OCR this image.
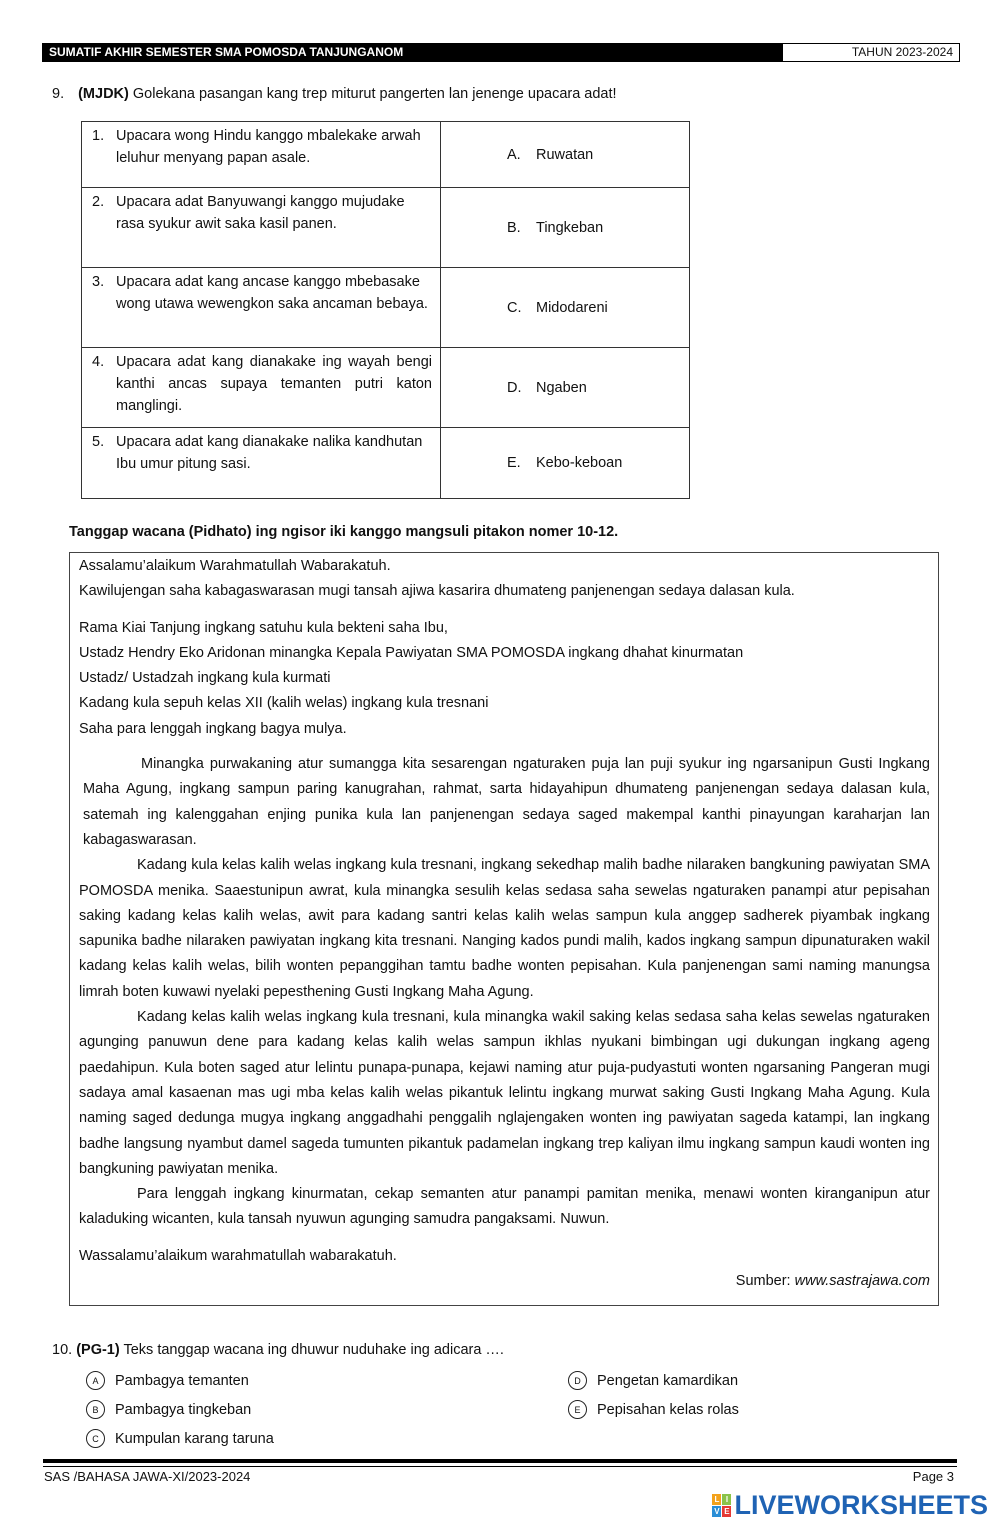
SUMATIF AKHIR SEMESTER SMA POMOSDA TANJUNGANOM	TAHUN 2023-2024
9. (MJDK) Golekana pasangan kang trep miturut pangerten lan jenenge upacara adat!
1. Upacara wong Hindu kanggo mbalekake arwah leluhur menyang papan asale.	A. Ruwatan

2. Upacara adat Banyuwangi kanggo mujudake rasa syukur awit saka kasil panen.	B. Tingkeban

3. Upacara adat kang ancase kanggo mbebasake wong utawa wewengkon saka ancaman bebaya.	C. Midodareni

4. Upacara adat kang dianakake ing wayah bengi kanthi ancas supaya temanten putri katon manglingi.	D. Ngaben

5. Upacara adat kang dianakake nalika kandhutan Ibu umur pitung sasi.	E. Kebo-keboan
Tanggap wacana (Pidhato) ing ngisor iki kanggo mangsuli pitakon nomer 10-12.

Assalamu’alaikum Warahmatullah Wabarakatuh.

Kawilujengan saha kabagaswarasan mugi tansah ajiwa kasarira dhumateng panjenengan sedaya dalasan kula.

Rama Kiai Tanjung ingkang satuhu kula bekteni saha Ibu,

Ustadz Hendry Eko Aridonan minangka Kepala Pawiyatan SMA POMOSDA ingkang dhahat kinurmatan

Ustadz/ Ustadzah ingkang kula kurmati

Kadang kula sepuh kelas XII (kalih welas) ingkang kula tresnani

Saha para lenggah ingkang bagya mulya.

Minangka purwakaning atur sumangga kita sesarengan ngaturaken puja lan puji syukur ing ngarsanipun Gusti Ingkang Maha Agung, ingkang sampun paring kanugrahan, rahmat, sarta hidayahipun dhumateng panjenengan sedaya dalasan kula, satemah ing kalenggahan enjing punika kula lan panjenengan sedaya saged makempal kanthi pinayungan karaharjan lan kabagaswarasan.

Kadang kula kelas kalih welas ingkang kula tresnani, ingkang sekedhap malih badhe nilaraken bangkuning pawiyatan SMA POMOSDA menika. Saaestunipun awrat, kula minangka sesulih kelas sedasa saha sewelas ngaturaken panampi atur pepisahan saking kadang kelas kalih welas, awit para kadang santri kelas kalih welas sampun kula anggep sadherek piyambak ingkang sapunika badhe nilaraken pawiyatan ingkang kita tresnani. Nanging kados pundi malih, kados ingkang sampun dipunaturaken wakil kadang kelas kalih welas, bilih wonten pepanggihan tamtu badhe wonten pepisahan. Kula panjenengan sami naming manungsa limrah boten kuwawi nyelaki pepesthening Gusti Ingkang Maha Agung.

Kadang kelas kalih welas ingkang kula tresnani, kula minangka wakil saking kelas sedasa saha kelas sewelas ngaturaken agunging panuwun dene para kadang kelas kalih welas sampun ikhlas nyukani bimbingan ugi dukungan ingkang ageng paedahipun. Kula boten saged atur lelintu punapa-punapa, kejawi naming atur puja-pudyastuti wonten ngarsaning Pangeran mugi sadaya amal kasaenan mas ugi mba kelas kalih welas pikantuk lelintu ingkang murwat saking Gusti Ingkang Maha Agung. Kula naming saged dedunga mugya ingkang anggadhahi penggalih nglajengaken wonten ing pawiyatan sageda katampi, lan ingkang badhe langsung nyambut damel sageda tumunten pikantuk padamelan ingkang trep kaliyan ilmu ingkang sampun kaudi wonten ing bangkuning pawiyatan menika.

Para lenggah ingkang kinurmatan, cekap semanten atur panampi pamitan menika, menawi wonten kiranganipun atur kaladuking wicanten, kula tansah nyuwun agunging samudra pangaksami. Nuwun.

Wassalamu’alaikum warahmatullah wabarakatuh.

Sumber: www.sastrajawa.com

10. (PG-1) Teks tanggap wacana ing dhuwur nuduhake ing adicara ….
A	Pambagya temanten
B	Pambagya tingkeban
C	Kumpulan karang taruna
D	Pengetan kamardikan
E	Pepisahan kelas rolas
SAS /BAHASA JAWA-XI/2023-2024	Page 3
L I
V E LIVEWORKSHEETS
